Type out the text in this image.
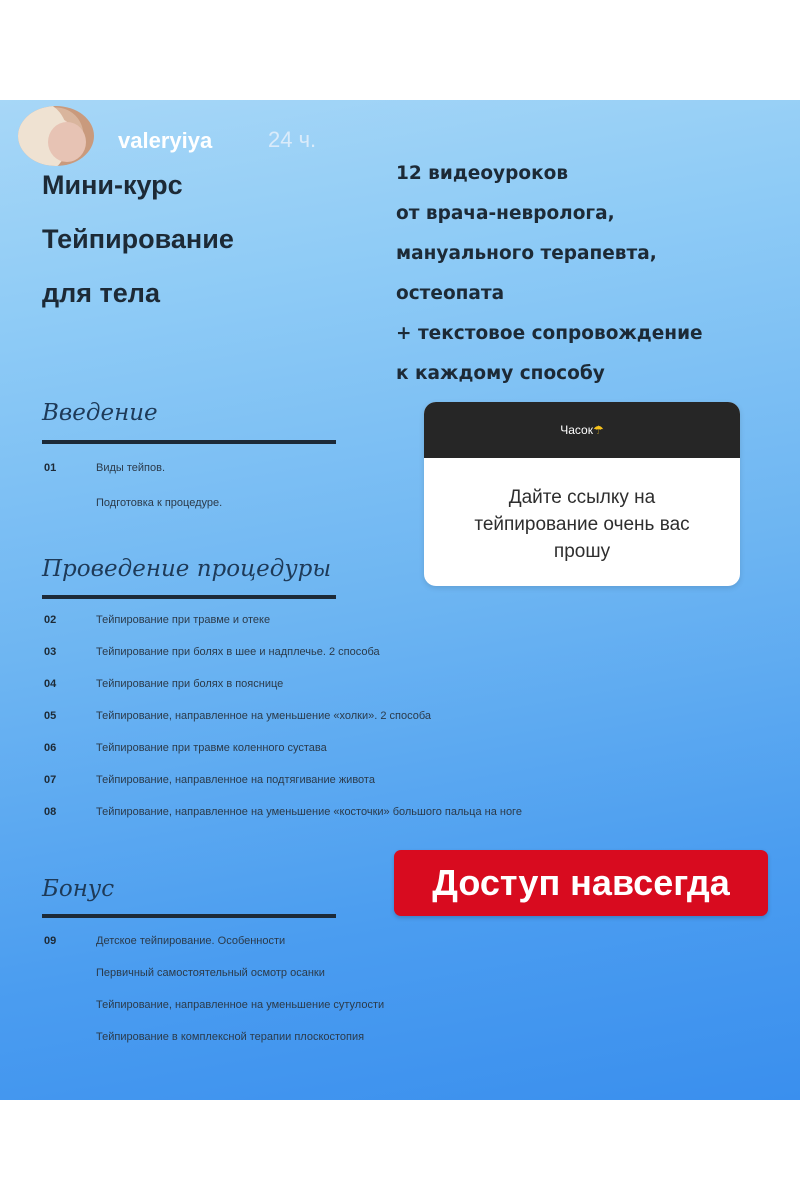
valeryiya	24 ч.
Мини-курс
Тейпирование
для тела
12 видеоуроков
от врача-невролога,
мануального терапевта,
остеопата
+ текстовое сопровождение
к каждому способу
Введение
01	Виды тейпов.
Подготовка к процедуре.
Проведение процедуры
02	Тейпирование при травме и отеке
03	Тейпирование при болях в шее и надплечье. 2 способа
04	Тейпирование при болях в пояснице
05	Тейпирование, направленное на уменьшение «холки». 2 способа
06	Тейпирование при травме коленного сустава
07	Тейпирование, направленное на подтягивание живота
08	Тейпирование, направленное на уменьшение «косточки» большого пальца на ноге
Бонус
09	Детское тейпирование. Особенности
Первичный самостоятельный осмотр осанки
Тейпирование, направленное на уменьшение сутулости
Тейпирование в комплексной терапии плоскостопия
Часок☂
Дайте ссылку на
тейпирование очень вас
прошу
Доступ навсегда
